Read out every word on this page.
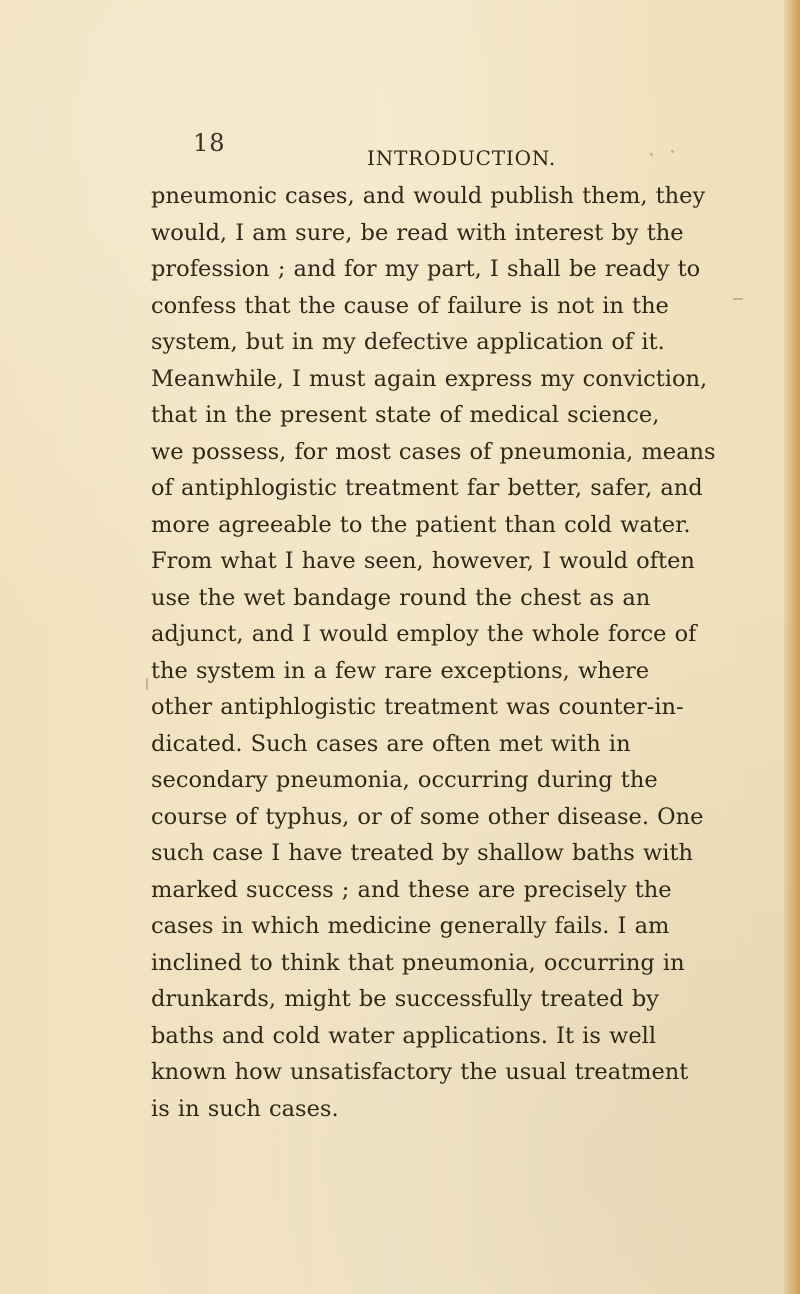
18
INTRODUCTION.
pneumonic cases, and would publish them, they
would, I am sure, be read with interest by the
profession ; and for my part, I shall be ready to
confess that the cause of failure is not in the
system, but in my defective application of it.
Meanwhile, I must again express my conviction,
that in the present state of medical science,
we possess, for most cases of pneumonia, means
of antiphlogistic treatment far better, safer, and
more agreeable to the patient than cold water.
From what I have seen, however, I would often
use the wet bandage round the chest as an
adjunct, and I would employ the whole force of
the system in a few rare exceptions, where
other antiphlogistic treatment was counter-in-
dicated. Such cases are often met with in
secondary pneumonia, occurring during the
course of typhus, or of some other disease. One
such case I have treated by shallow baths with
marked success ; and these are precisely the
cases in which medicine generally fails. I am
inclined to think that pneumonia, occurring in
drunkards, might be successfully treated by
baths and cold water applications. It is well
known how unsatisfactory the usual treatment
is in such cases.
